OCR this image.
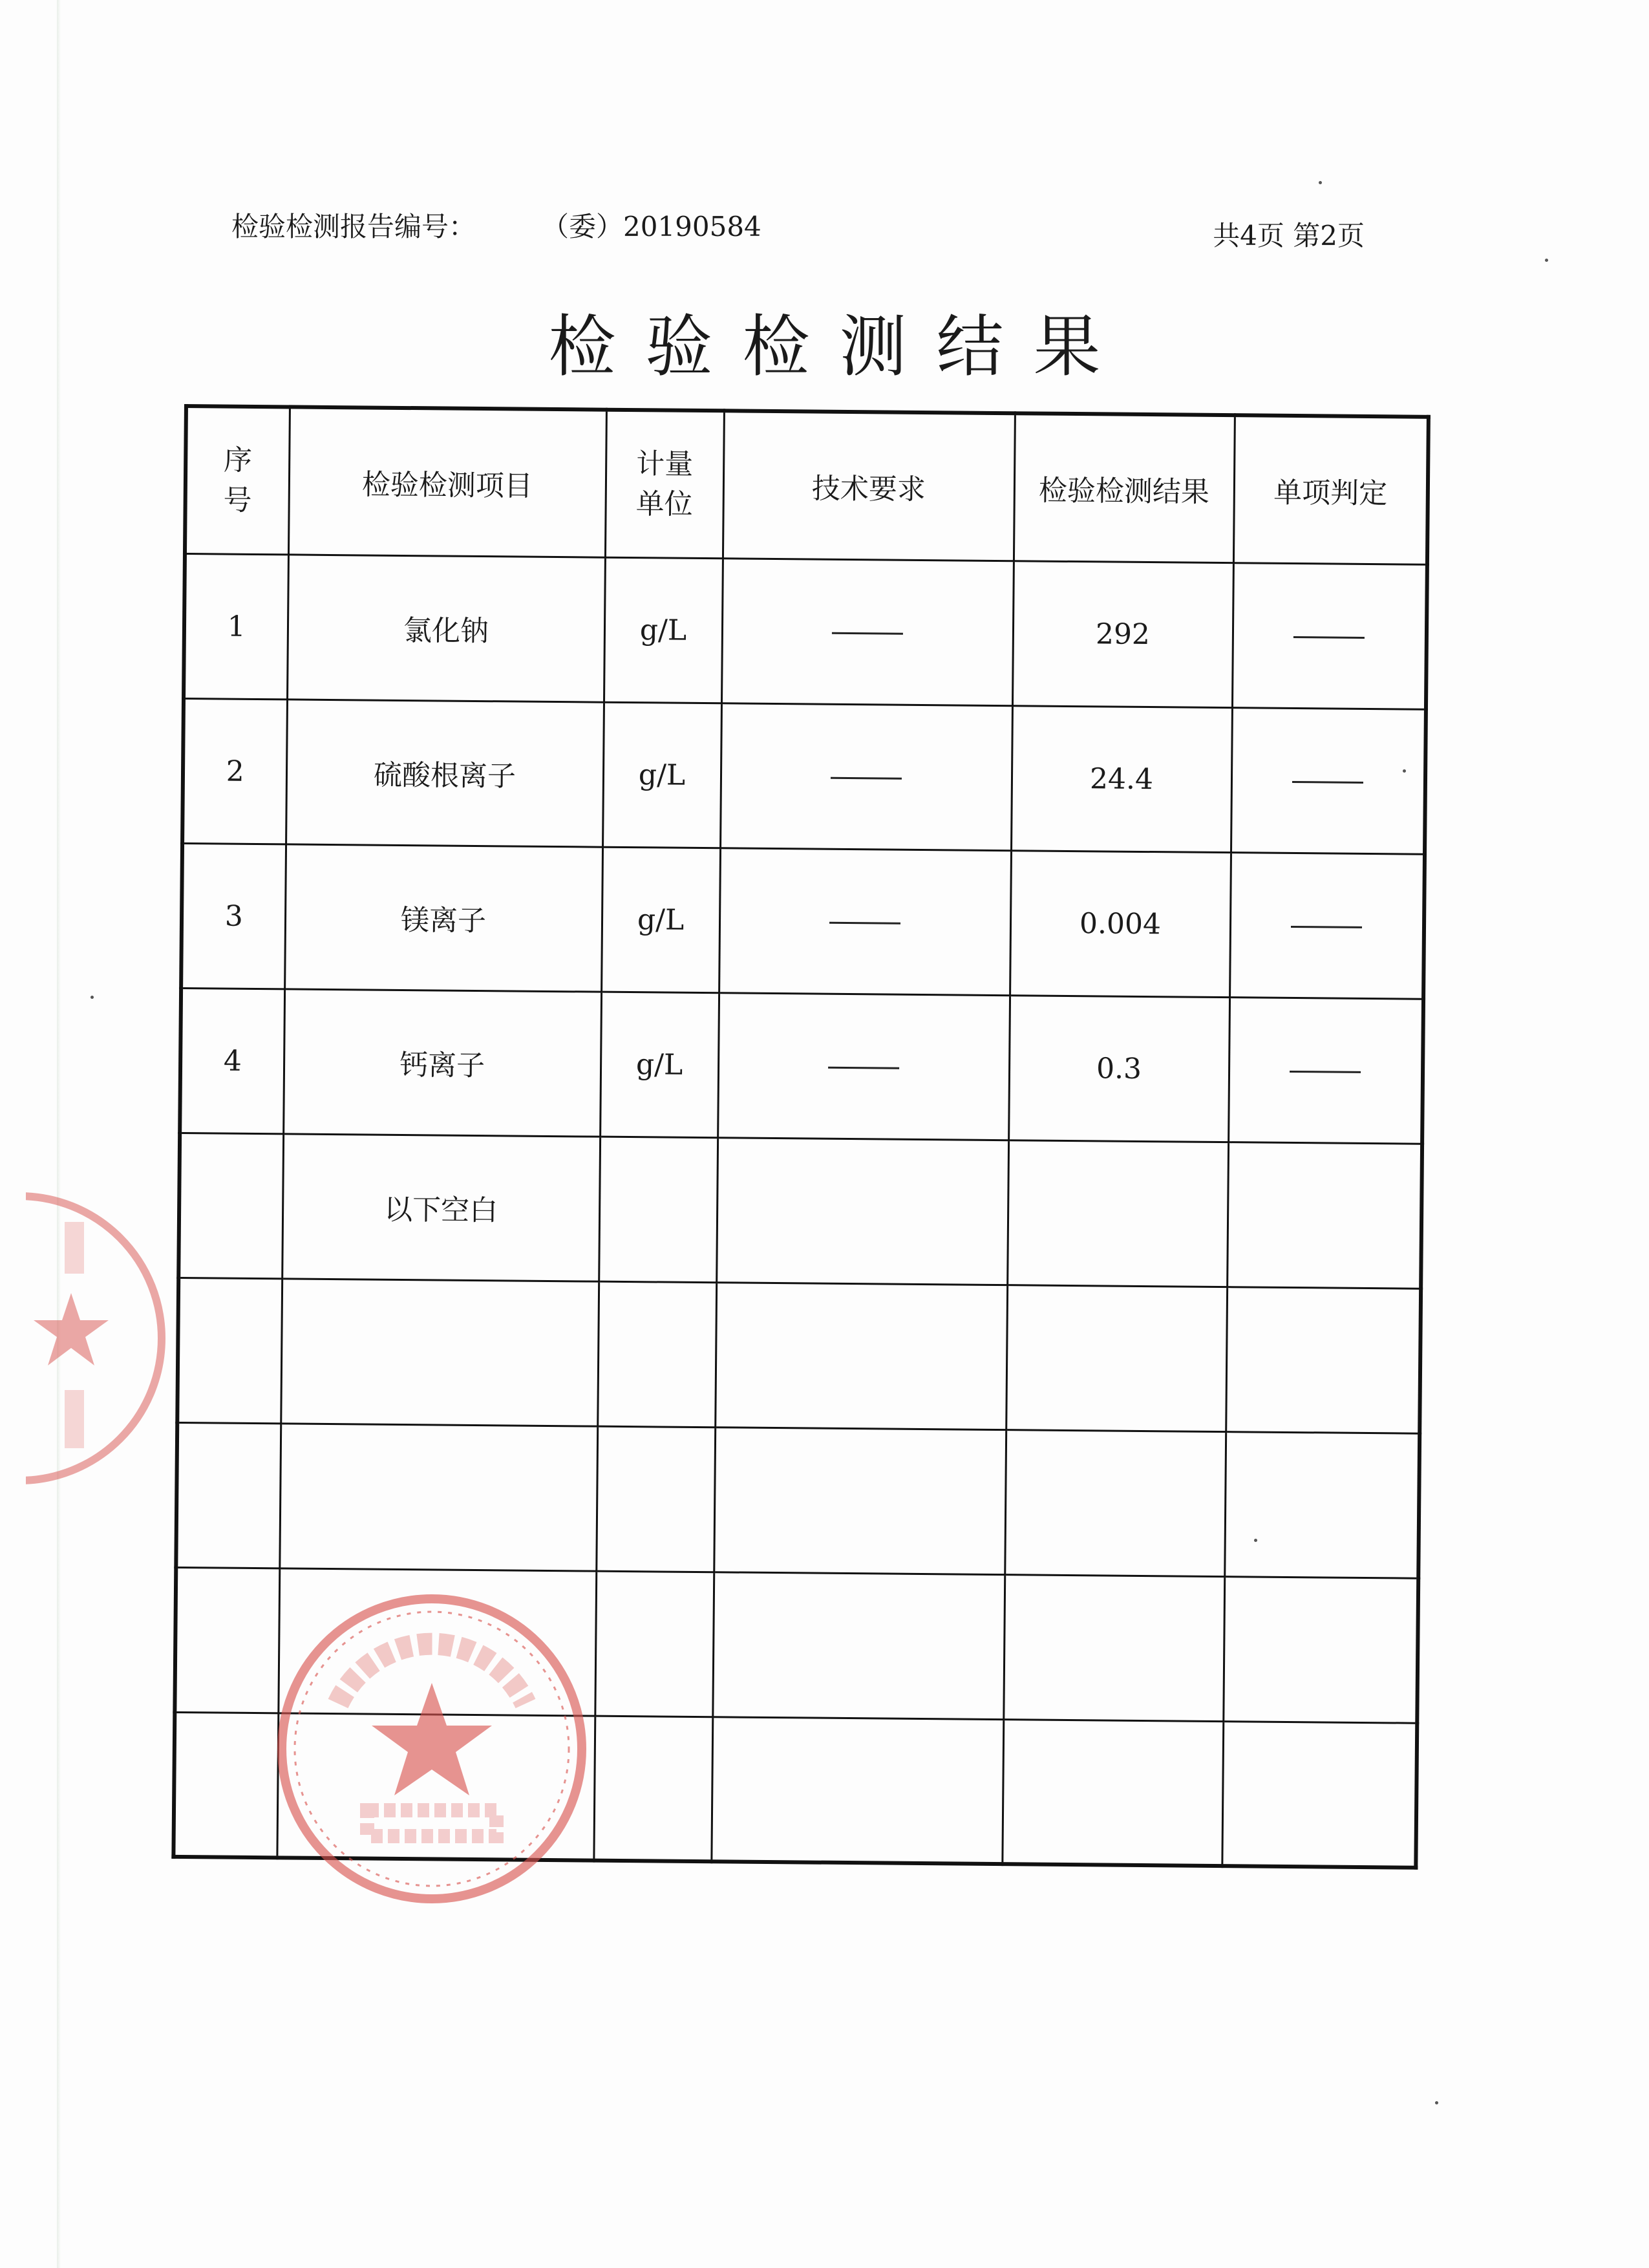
检验检测报告编号： （委）20190584	共4页 第2页
检验检测结果
序号	检验检测项目	计量单位	技术要求	检验检测结果	单项判定
1	氯化钠	g/L		292	
2	硫酸根离子	g/L		24.4	
3	镁离子	g/L		0.004	
4	钙离子	g/L		0.3	
	以下空白				
